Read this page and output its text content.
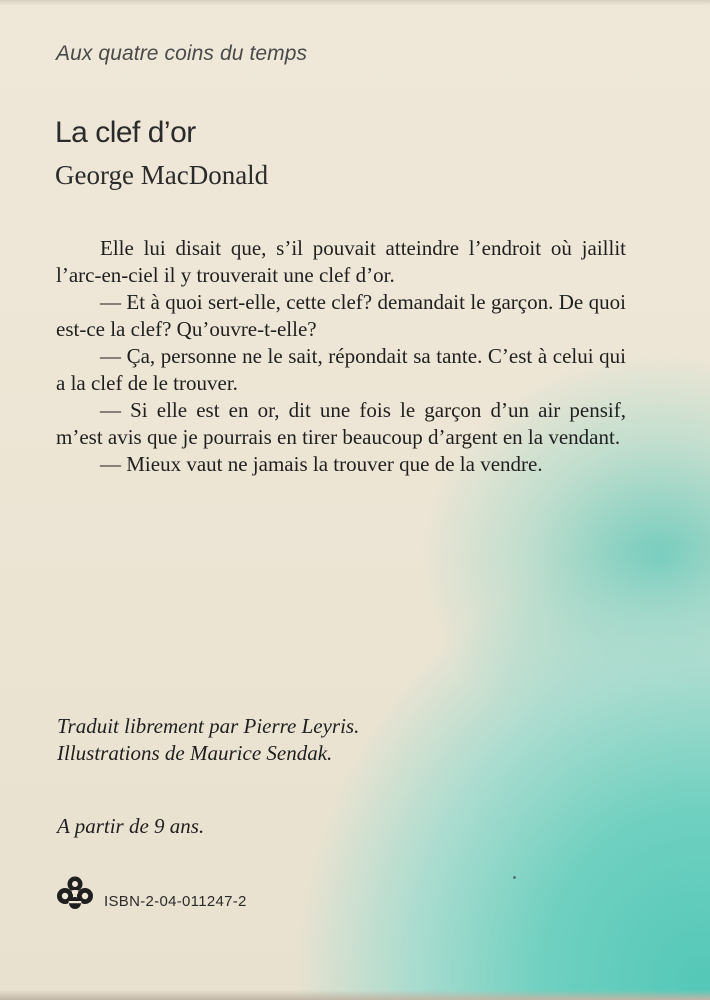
Aux quatre coins du temps
La clef d’or
George MacDonald

Elle lui disait que, s’il pouvait atteindre l’endroit où jaillit l’arc-en-ciel il y trouverait une clef d’or.

— Et à quoi sert-elle, cette clef? demandait le garçon. De quoi est-ce la clef? Qu’ouvre-t-elle?

— Ça, personne ne le sait, répondait sa tante. C’est à celui qui a la clef de le trouver.

— Si elle est en or, dit une fois le garçon d’un air pensif, m’est avis que je pourrais en tirer beaucoup d’argent en la vendant.

— Mieux vaut ne jamais la trouver que de la vendre.

Traduit librement par Pierre Leyris.
Illustrations de Maurice Sendak.
A partir de 9 ans.
ISBN-2-04-011247-2
